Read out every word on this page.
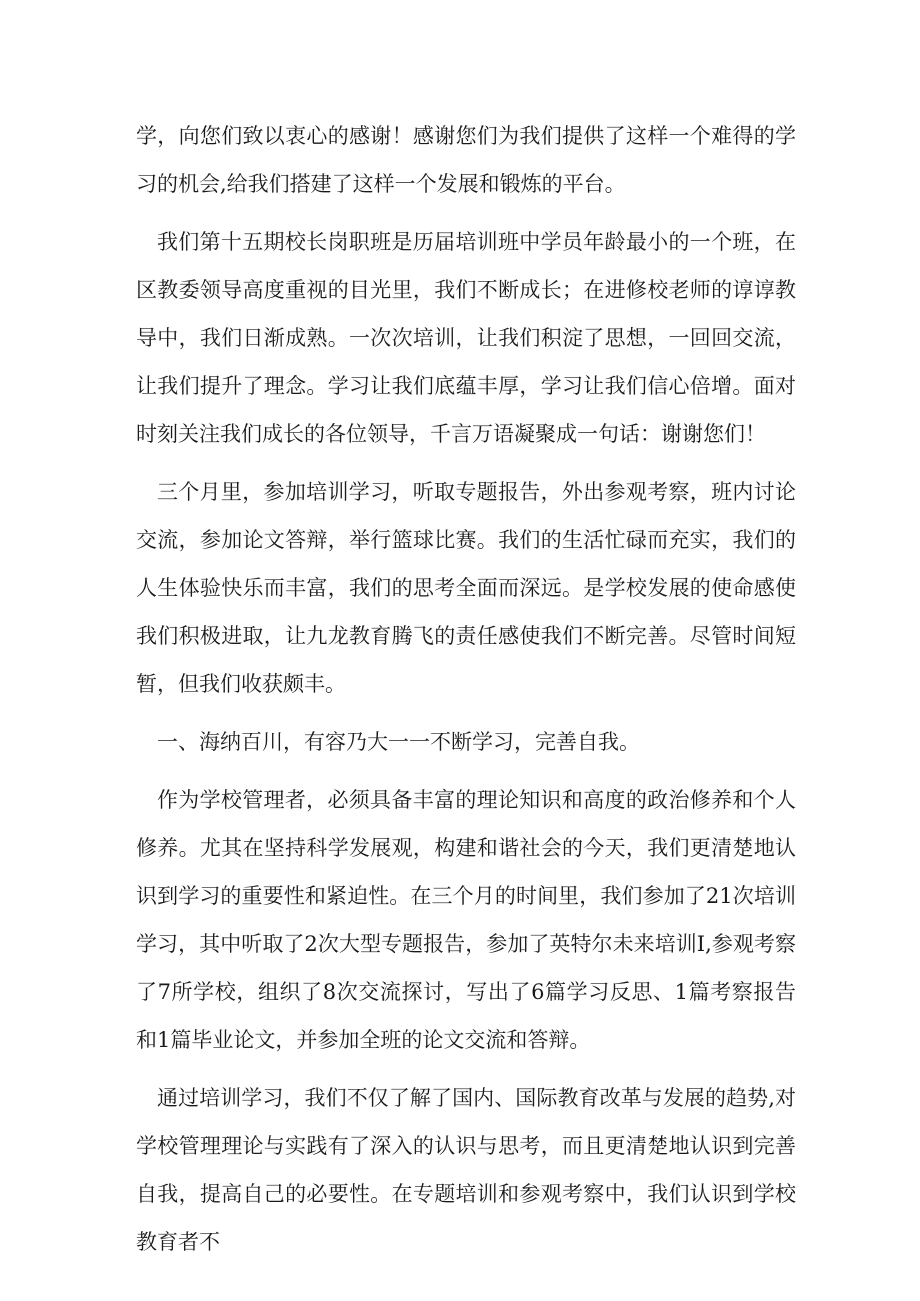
学，向您们致以衷心的感谢！感谢您们为我们提供了这样一个难得的学习的机会,给我们搭建了这样一个发展和锻炼的平台。

我们第十五期校长岗职班是历届培训班中学员年龄最小的一个班，在区教委领导高度重视的目光里，我们不断成长；在进修校老师的谆谆教导中，我们日渐成熟。一次次培训，让我们积淀了思想，一回回交流，让我们提升了理念。学习让我们底蕴丰厚，学习让我们信心倍增。面对时刻关注我们成长的各位领导，千言万语凝聚成一句话：谢谢您们！

三个月里，参加培训学习，听取专题报告，外出参观考察，班内讨论交流，参加论文答辩，举行篮球比赛。我们的生活忙碌而充实，我们的人生体验快乐而丰富，我们的思考全面而深远。是学校发展的使命感使我们积极进取，让九龙教育腾飞的责任感使我们不断完善。尽管时间短暂，但我们收获颇丰。

一、海纳百川，有容乃大一一不断学习，完善自我。

作为学校管理者，必须具备丰富的理论知识和高度的政治修养和个人修养。尤其在坚持科学发展观，构建和谐社会的今天，我们更清楚地认识到学习的重要性和紧迫性。在三个月的时间里，我们参加了21次培训学习，其中听取了2次大型专题报告，参加了英特尔未来培训I,参观考察了7所学校，组织了8次交流探讨，写出了6篇学习反思、1篇考察报告和1篇毕业论文，并参加全班的论文交流和答辩。

通过培训学习，我们不仅了解了国内、国际教育改革与发展的趋势,对学校管理理论与实践有了深入的认识与思考，而且更清楚地认识到完善自我，提高自己的必要性。在专题培训和参观考察中，我们认识到学校教育者不
